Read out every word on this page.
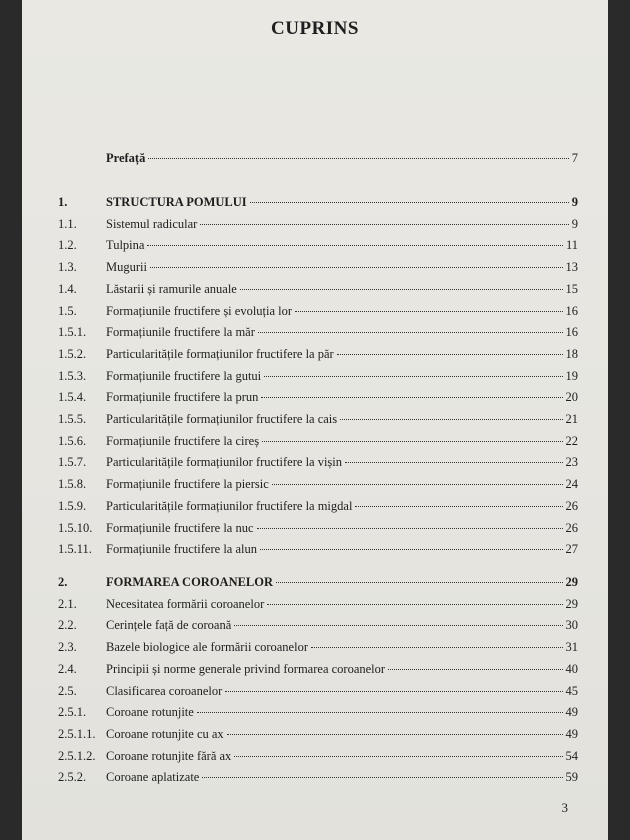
CUPRINS
Prefață	7
1.	STRUCTURA POMULUI	9
1.1. Sistemul radicular	9
1.2. Tulpina	11
1.3. Mugurii	13
1.4. Lăstarii și ramurile anuale	15
1.5. Formațiunile fructifere și evoluția lor	16
1.5.1. Formațiunile fructifere la măr	16
1.5.2. Particularitățile formațiunilor fructifere la păr	18
1.5.3. Formațiunile fructifere la gutui	19
1.5.4. Formațiunile fructifere la prun	20
1.5.5. Particularitățile formațiunilor fructifere la cais	21
1.5.6. Formațiunile fructifere la cireș	22
1.5.7. Particularitățile formațiunilor fructifere la vișin	23
1.5.8. Formațiunile fructifere la piersic	24
1.5.9. Particularitățile formațiunilor fructifere la migdal	26
1.5.10. Formațiunile fructifere la nuc	26
1.5.11. Formațiunile fructifere la alun	27
2.	FORMAREA COROANELOR	29
2.1. Necesitatea formării coroanelor	29
2.2. Cerințele față de coroană	30
2.3. Bazele biologice ale formării coroanelor	31
2.4. Principii și norme generale privind formarea coroanelor	40
2.5. Clasificarea coroanelor	45
2.5.1. Coroane rotunjite	49
2.5.1.1. Coroane rotunjite cu ax	49
2.5.1.2. Coroane rotunjite fără ax	54
2.5.2. Coroane aplatizate	59
3
